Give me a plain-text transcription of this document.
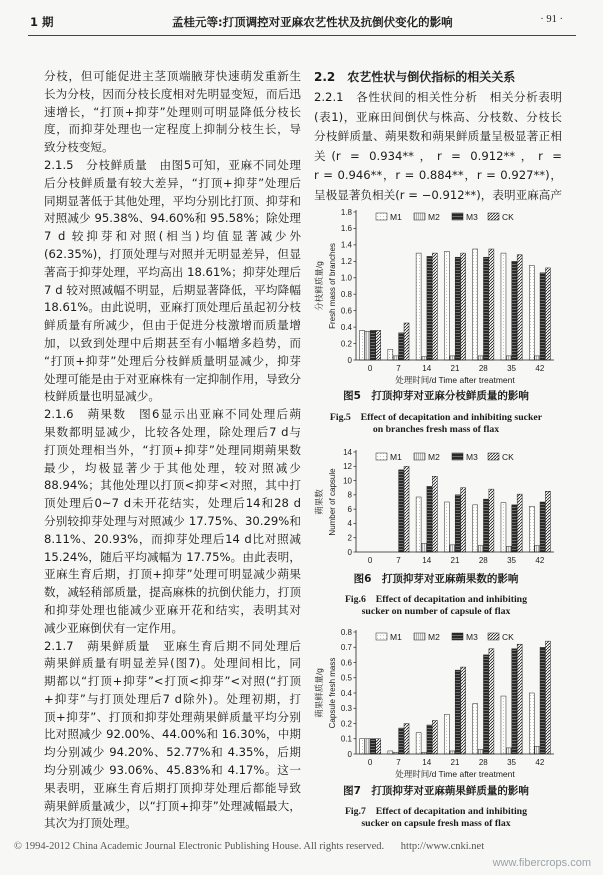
1 期	孟桂元等:打顶调控对亚麻农艺性状及抗倒伏变化的影响	· 91 ·
分枝，但可能促进主茎顶端腋芽快速萌发重新生
长为分枝，因而分枝长度相对先明显变短，而后迅
速增长，“打顶+抑芽”处理则可明显降低分枝长
度，而抑芽处理也一定程度上抑制分枝生长，导
致分枝变短。
2.1.5　分枝鲜质量　由图5可知，亚麻不同处理
后分枝鲜质量有较大差异，“打顶+抑芽”处理后
同期显著低于其他处理，平均分别比打顶、抑芽和
对照减少 95.38%、94.60%和 95.58%；除处理
7 d 较抑芽和对照(相当)均值显著减少外
(62.35%)，打顶处理与对照并无明显差异，但显
著高于抑芽处理，平均高出 18.61%；抑芽处理后
7 d 较对照减幅不明显，后期显著降低，平均降幅
18.61%。由此说明，亚麻打顶处理后虽起初分枝
鲜质量有所减少，但由于促进分枝激增而质量增
加，以致到处理中后期甚至有小幅增多趋势，而
“打顶+抑芽”处理后分枝鲜质量明显减少，抑芽
处理可能是由于对亚麻株有一定抑制作用，导致分
枝鲜质量也明显减少。
2.1.6　蒴果数　图6显示出亚麻不同处理后蒴
果数都明显减少，比较各处理，除处理后7 d与
打顶处理相当外，“打顶+抑芽”处理同期蒴果数
最少，均极显著少于其他处理，较对照减少
88.94%；其他处理以打顶<抑芽<对照，其中打
顶处理后0~7 d未开花结实，处理后14和28 d
分别较抑芽处理与对照减少 17.75%、30.29%和
8.11%、20.93%，而抑芽处理后14 d比对照减
15.24%，随后平均减幅为 17.75%。由此表明，
亚麻生育后期，打顶+抑芽”处理可明显减少蒴果
数，减轻稍部质量，提高麻株的抗倒伏能力，打顶
和抑芽处理也能减少亚麻开花和结实，表明其对
减少亚麻倒伏有一定作用。
2.1.7　蒴果鲜质量　亚麻生育后期不同处理后
蒴果鲜质量有明显差异(图7)。处理间相比，同
期都以“打顶+抑芽”<打顶<抑芽”<对照(“打顶
+抑芽”与打顶处理后7 d除外)。处理初期，打
顶+抑芽”、打顶和抑芽处理蒴果鲜质量平均分别
比对照减少 92.00%、44.00%和 16.30%，中期
均分别减少 94.20%、52.77%和 4.35%，后期
均分别减少 93.06%、45.83%和 4.17%。这一
果表明，亚麻生育后期打顶抑芽处理后都能导致
蒴果鲜质量减少，以“打顶+抑芽”处理减幅最大，
其次为打顶处理。
2.2　农艺性状与倒伏指标的相关关系
2.2.1　各性状间的相关性分析　相关分析表明
(表1)，亚麻田间倒伏与株高、分枝数、分枝长
分枝鲜质量、蒴果数和蒴果鲜质量呈极显著正相
关(r = 0.934**，r = 0.912**，r =
r = 0.946**，r = 0.884**，r = 0.927**)，
呈极显著负相关(r = −0.912**)，表明亚麻高产
0
0.2
0.4
0.6
0.8
1.0
1.2
1.4
1.6
1.8
0	7	14 21 28 35 42
M1	M2	M3	CK
分枝鲜质量/g Fresh mass of branches
处理时间/d Time after treatment
图5　打顶抑芽对亚麻分枝鲜质量的影响
Fig.5　Effect of decapitation and inhibiting sucker
on branches fresh mass of flax
0
2
4
6
8
10
12
14
0	7	14 21 28 35 42
M1	M2	M3	CK
蒴果数 Number of capsule
图6　打顶抑芽对亚麻蒴果数的影响
Fig.6　Effect of decapitation and inhibiting
sucker on number of capsule of flax
0
0.1
0.2
0.3
0.4
0.5
0.6
0.7
0.8
0	7	14 21 28 35 42
M1	M2	M3	CK
蒴果鲜质量/g Capsule fresh mass
处理时间/d Time after treatment
图7　打顶抑芽对亚麻蒴果鲜质量的影响
Fig.7　Effect of decapitation and inhibiting
sucker on capsule fresh mass of flax
© 1994-2012 China Academic Journal Electronic Publishing House. All rights reserved. http://www.cnki.net
www.fibercrops.com
